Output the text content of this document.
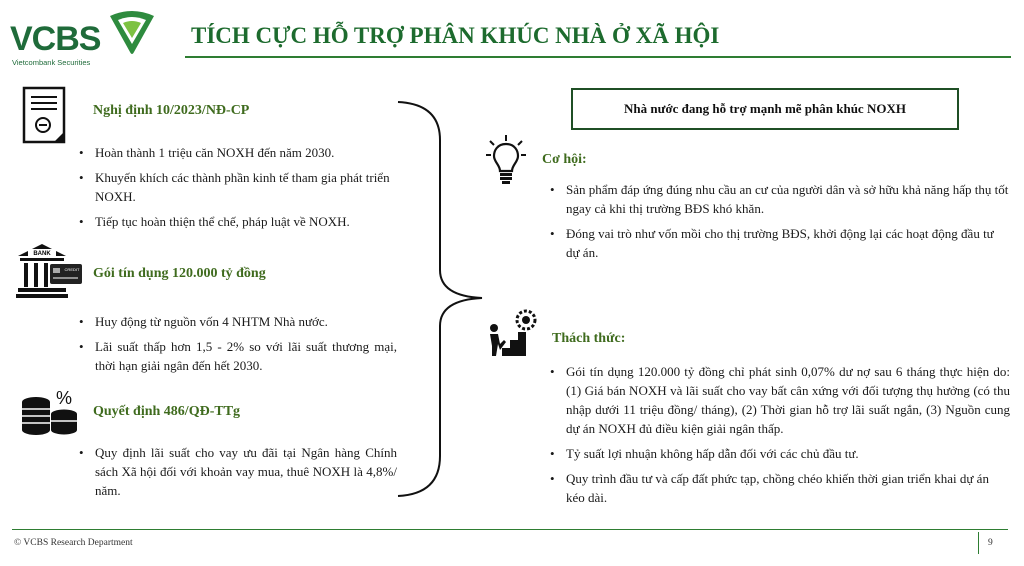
VCBS
Vietcombank Securities
TÍCH CỰC HỖ TRỢ PHÂN KHÚC NHÀ Ở XÃ HỘI
Nghị định 10/2023/NĐ-CP
• Hoàn thành 1 triệu căn NOXH đến năm 2030.
• Khuyến khích các thành phần kinh tế tham gia phát triển NOXH.
• Tiếp tục hoàn thiện thể chế, pháp luật về NOXH.
BANK
CREDIT Gói tín dụng 120.000 tỷ đồng
• Huy động từ nguồn vốn 4 NHTM Nhà nước.
• Lãi suất thấp hơn 1,5 - 2% so với lãi suất thương mại, thời hạn giải ngân đến hết 2030.
%
Quyết định 486/QĐ-TTg
• Quy định lãi suất cho vay ưu đãi tại Ngân hàng Chính sách Xã hội đối với khoản vay mua, thuê NOXH là 4,8%/ năm.
Nhà nước đang hỗ trợ mạnh mẽ phân khúc NOXH
Cơ hội:
• Sản phẩm đáp ứng đúng nhu cầu an cư của người dân và sở hữu khả năng hấp thụ tốt ngay cả khi thị trường BĐS khó khăn.
• Đóng vai trò như vốn mồi cho thị trường BĐS, khởi động lại các hoạt động đầu tư dự án.
Thách thức:
• Gói tín dụng 120.000 tỷ đồng chỉ phát sinh 0,07% dư nợ sau 6 tháng thực hiện do: (1) Giá bán NOXH và lãi suất cho vay bất cân xứng với đối tượng thụ hưởng (có thu nhập dưới 11 triệu đồng/ tháng), (2) Thời gian hỗ trợ lãi suất ngắn, (3) Nguồn cung dự án NOXH đủ điều kiện giải ngân thấp.
• Tỷ suất lợi nhuận không hấp dẫn đối với các chủ đầu tư.
• Quy trình đầu tư và cấp đất phức tạp, chồng chéo khiến thời gian triển khai dự án kéo dài.
© VCBS Research Department	9
